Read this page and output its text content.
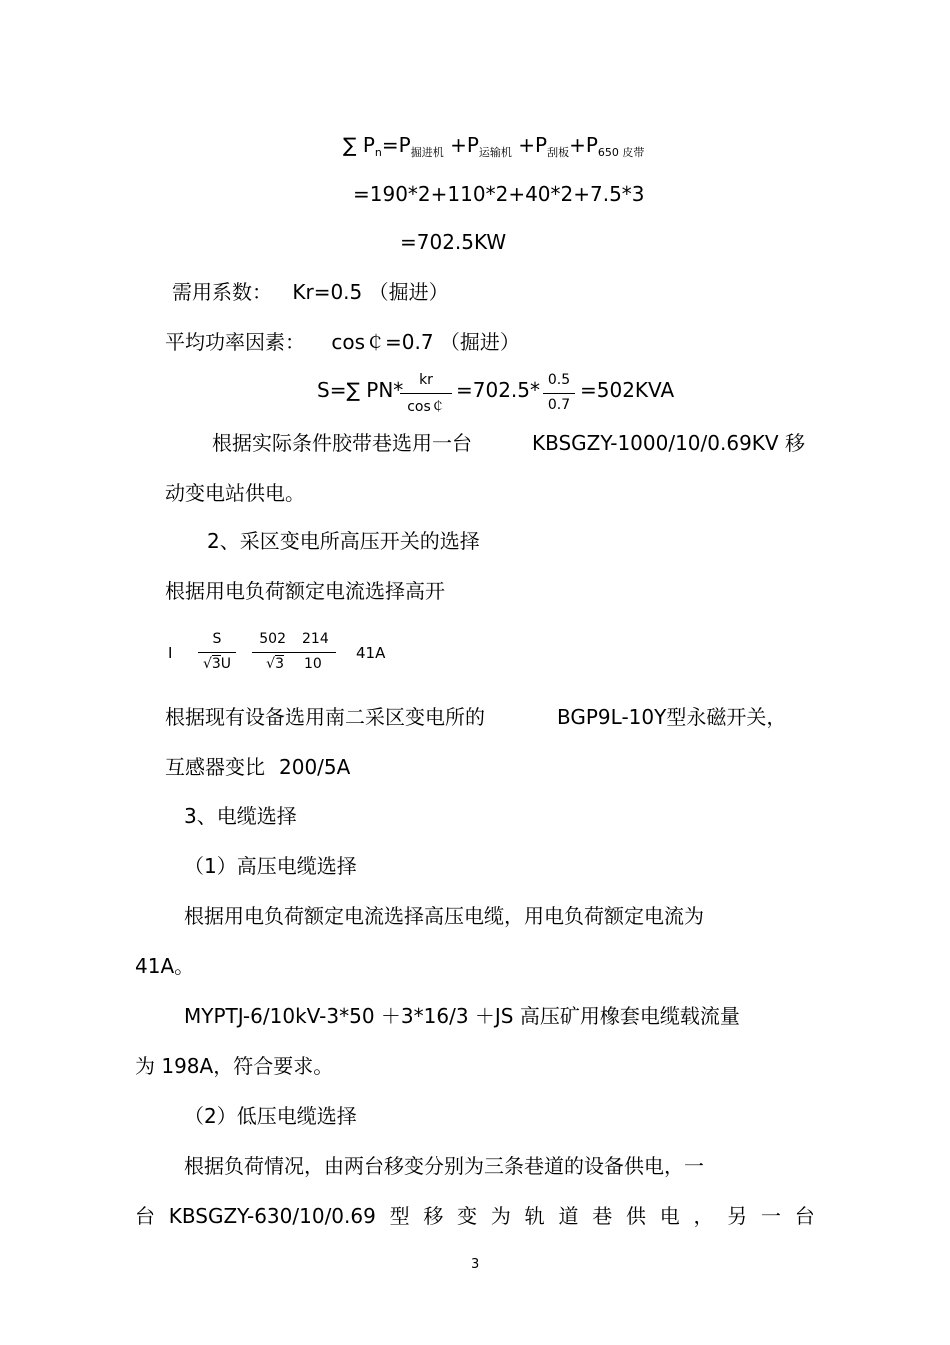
∑ $P_n=P_{掘进机} +P_{运输机} +P_{刮板}+P_{650 皮带}$
=190*2+110*2+40*2+7.5*3
=702.5KW
需用系数： Kr=0.5 （掘进）
平均功率因素： cos￠=0.7 （掘进）
S=∑ PN*	kr
cos￠
=702.5* 0.5
0.7
=502KVA
根据实际条件胶带巷选用一台	KBSGZY-1000/10/0.69KV 移
动变电站供电。
2、采区变电所高压开关的选择
根据用电负荷额定电流选择高开
I
S
√3U
502 214
√3 10
41A
根据现有设备选用南二采区变电所的	BGP9L-10Y型永磁开关，
互感器变比 200/5A
3、电缆选择
（1）高压电缆选择
根据用电负荷额定电流选择高压电缆，用电负荷额定电流为
41A。
MYPTJ-6/10kV-3*50 ＋3*16/3 ＋JS 高压矿用橡套电缆载流量
为 198A，符合要求。
（2）低压电缆选择
根据负荷情况，由两台移变分别为三条巷道的设备供电，一
台 KBSGZY-630/10/0.69 型 移 变 为 轨 道 巷 供 电 ， 另 一 台
3
